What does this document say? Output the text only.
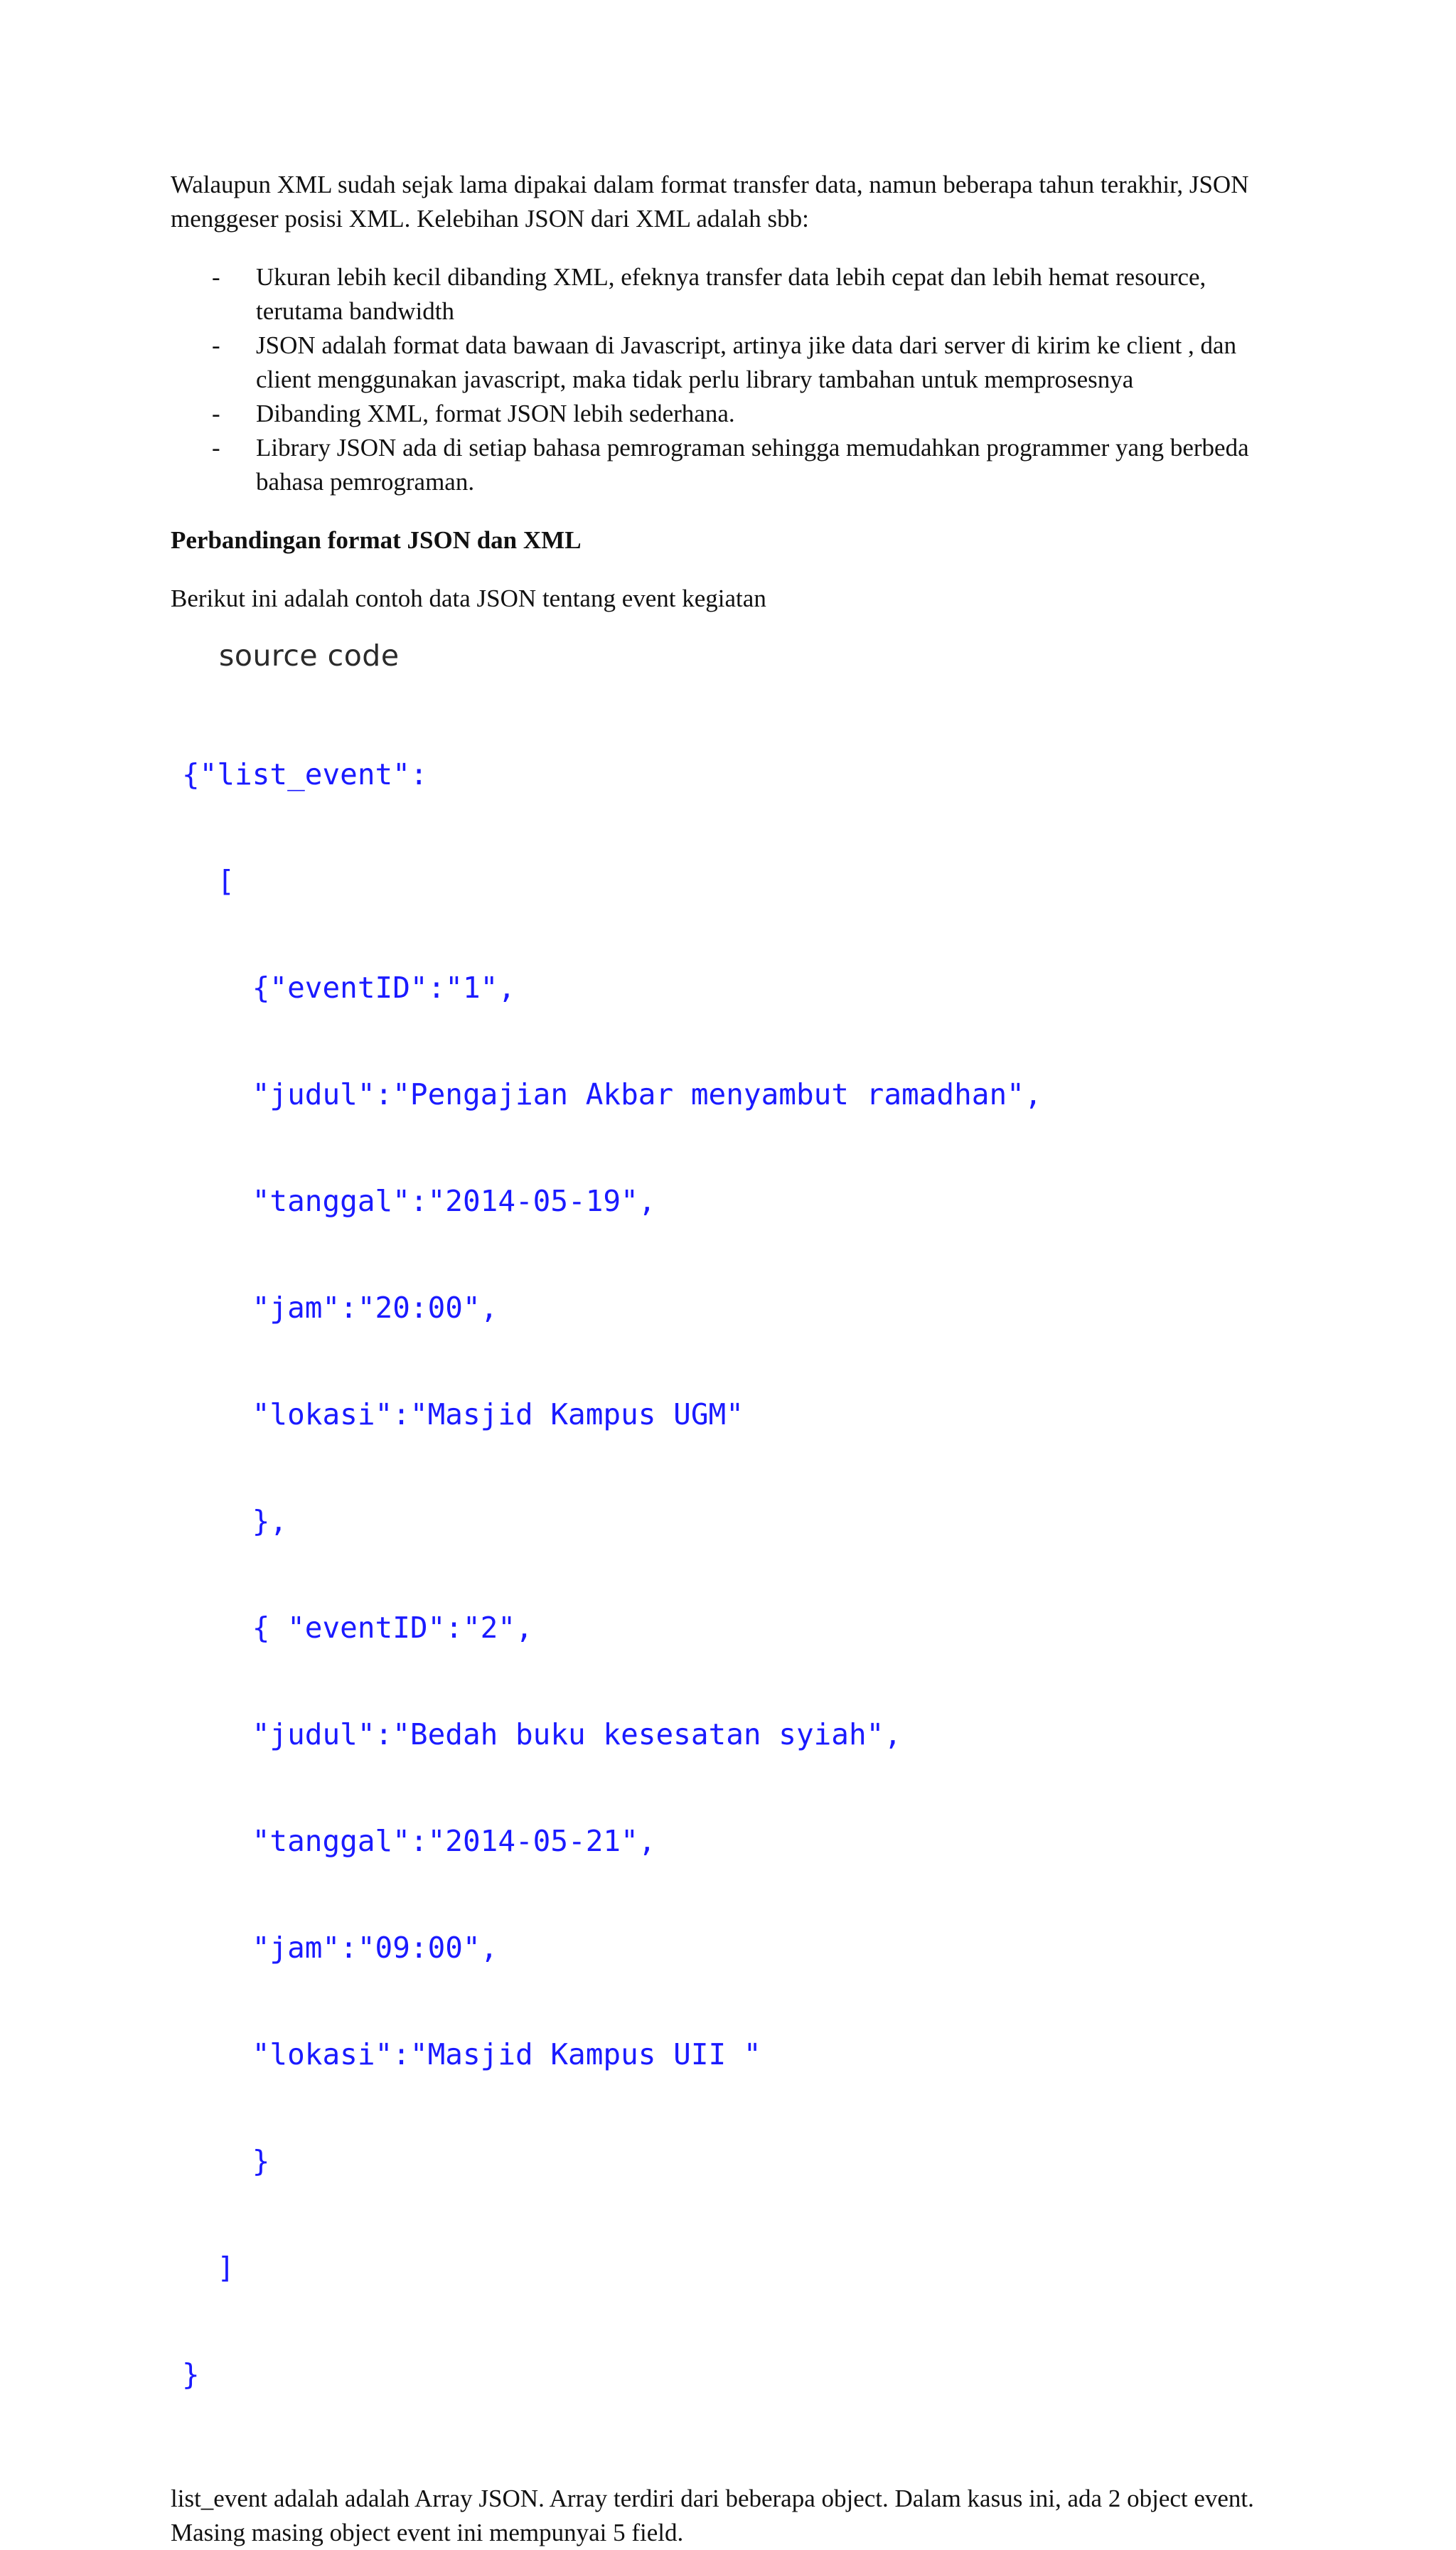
Walaupun XML sudah sejak lama dipakai dalam format transfer data, namun beberapa tahun terakhir, JSON menggeser posisi XML. Kelebihan JSON dari XML adalah sbb:

- Ukuran lebih kecil dibanding XML, efeknya transfer data lebih cepat dan lebih hemat resource, terutama bandwidth
- JSON adalah format data bawaan di Javascript, artinya jike data dari server di kirim ke client , dan client menggunakan javascript, maka tidak perlu library tambahan untuk memprosesnya
- Dibanding XML, format JSON lebih sederhana.
- Library JSON ada di setiap bahasa pemrograman sehingga memudahkan programmer yang berbeda bahasa pemrograman.

Perbandingan format JSON dan XML

Berikut ini adalah contoh data JSON tentang event kegiatan

source code

{"list_event":

[

{"eventID":"1",

"judul":"Pengajian Akbar menyambut ramadhan",

"tanggal":"2014-05-19",

"jam":"20:00",

"lokasi":"Masjid Kampus UGM"

},

{ "eventID":"2",

"judul":"Bedah buku kesesatan syiah",

"tanggal":"2014-05-21",

"jam":"09:00",

"lokasi":"Masjid Kampus UII "

}

]

}

list_event adalah adalah Array JSON. Array terdiri dari beberapa object. Dalam kasus ini, ada 2 object event. Masing masing object event ini mempunyai 5 field.
